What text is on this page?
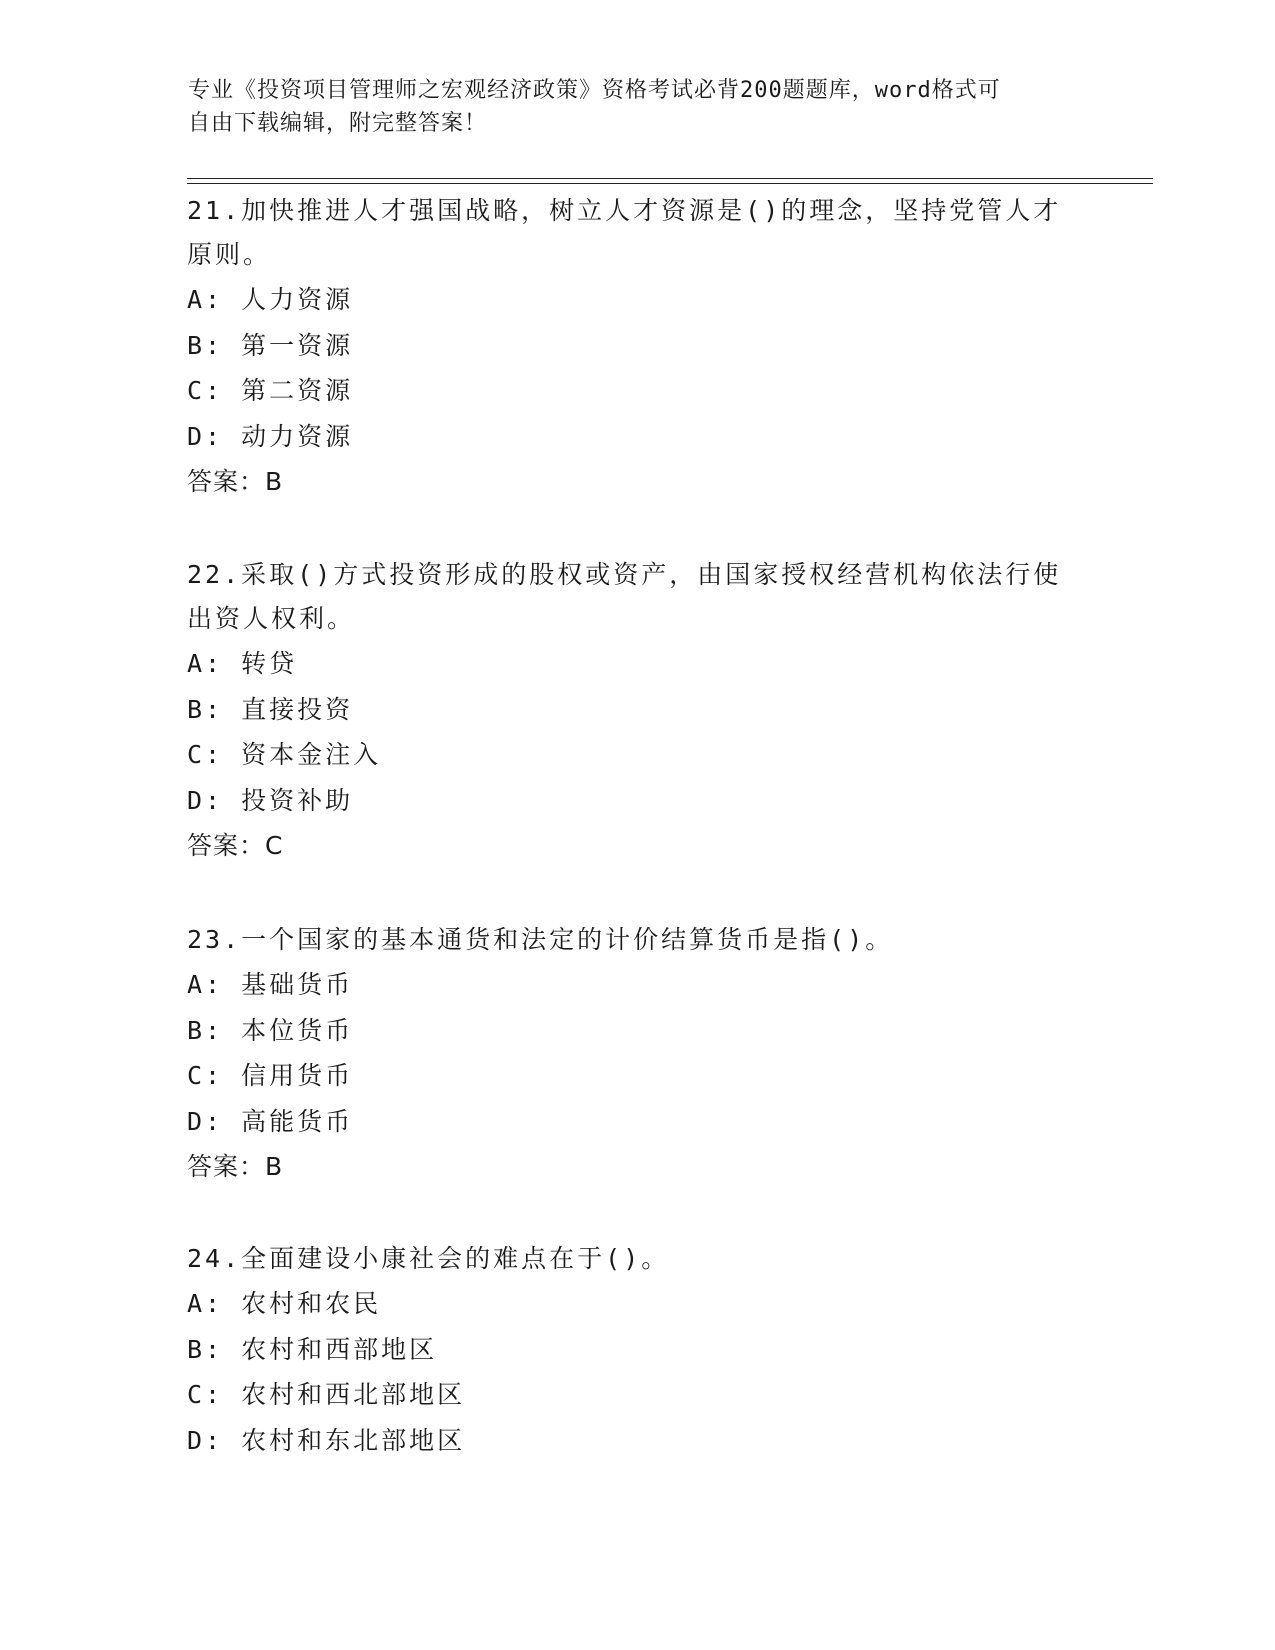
专业《投资项目管理师之宏观经济政策》资格考试必背200题题库，word格式可
自由下载编辑，附完整答案！

21.加快推进人才强国战略，树立人才资源是()的理念，坚持党管人才

原则。

A: 人力资源

B: 第一资源

C: 第二资源

D: 动力资源

答案：B

22.采取()方式投资形成的股权或资产，由国家授权经营机构依法行使

出资人权利。

A: 转贷

B: 直接投资

C: 资本金注入

D: 投资补助

答案：C

23.一个国家的基本通货和法定的计价结算货币是指()。

A: 基础货币

B: 本位货币

C: 信用货币

D: 高能货币

答案：B

24.全面建设小康社会的难点在于()。

A: 农村和农民

B: 农村和西部地区

C: 农村和西北部地区

D: 农村和东北部地区
